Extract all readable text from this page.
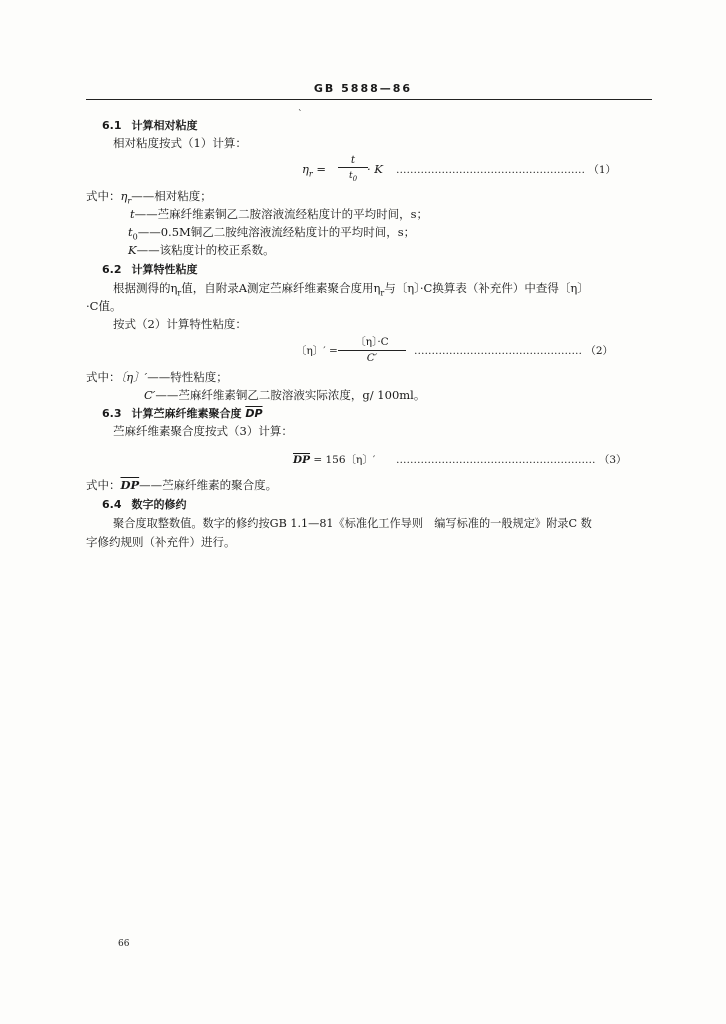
GB 5888—86
`
6.1 计算相对粘度
相对粘度按式（1）计算：
$\eta_r$ =
t
$t_0$
· K ……………………………………………… （1）
式中：$\eta_r——$相对粘度；
t——苎麻纤维素铜乙二胺溶液流经粘度计的平均时间，s；
$t_0——0.5M$铜乙二胺纯溶液流经粘度计的平均时间，s；
K——该粘度计的校正系数。
6.2 计算特性粘度
根据测得的$\eta_r$值，自附录A测定苎麻纤维素聚合度用$\eta_r$与〔η〕·C换算表（补充件）中查得〔η〕
·C值。
按式（2）计算特性粘度：
〔η〕′ =
〔η〕·C
C′
………………………………………… （2）
式中：〔η〕′——特性粘度；
C′——苎麻纤维素铜乙二胺溶液实际浓度，g/ 100ml。
6.3 计算苎麻纤维素聚合度 $\overline{DP}$
苎麻纤维素聚合度按式（3）计算：
$\overline{DP} = 156$〔η〕′ ………………………………………………… （3）
式中：$\overline{DP}——$苎麻纤维素的聚合度。
6.4 数字的修约
聚合度取整数值。数字的修约按GB 1.1—81《标准化工作导则　编写标准的一般规定》附录C 数
字修约规则（补充件）进行。
66
